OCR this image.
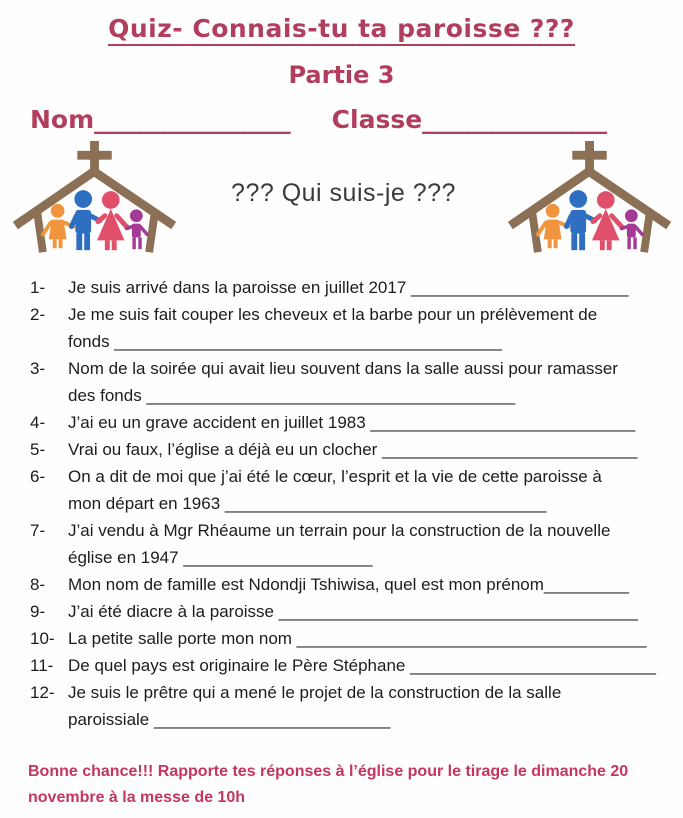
Quiz- Connais-tu ta paroisse ???
Partie 3
Nom_________________ Classe________________
??? Qui suis-je ???
1-	Je suis arrivé dans la paroisse en juillet 2017 _______________________
2-	Je me suis fait couper les cheveux et la barbe pour un prélèvement de
fonds _________________________________________
3-	Nom de la soirée qui avait lieu souvent dans la salle aussi pour ramasser
des fonds _______________________________________
4-	J’ai eu un grave accident en juillet 1983 ____________________________
5-	Vrai ou faux, l’église a déjà eu un clocher ___________________________
6-	On a dit de moi que j’ai été le cœur, l’esprit et la vie de cette paroisse à
mon départ en 1963 __________________________________
7-	J’ai vendu à Mgr Rhéaume un terrain pour la construction de la nouvelle
église en 1947 ____________________
8-	Mon nom de famille est Ndondji Tshiwisa, quel est mon prénom_________
9-	J’ai été diacre à la paroisse ______________________________________
10- La petite salle porte mon nom _____________________________________
11- De quel pays est originaire le Père Stéphane __________________________
12- Je suis le prêtre qui a mené le projet de la construction de la salle
paroissiale _________________________
Bonne chance!!! Rapporte tes réponses à l’église pour le tirage le dimanche 20
novembre à la messe de 10h
